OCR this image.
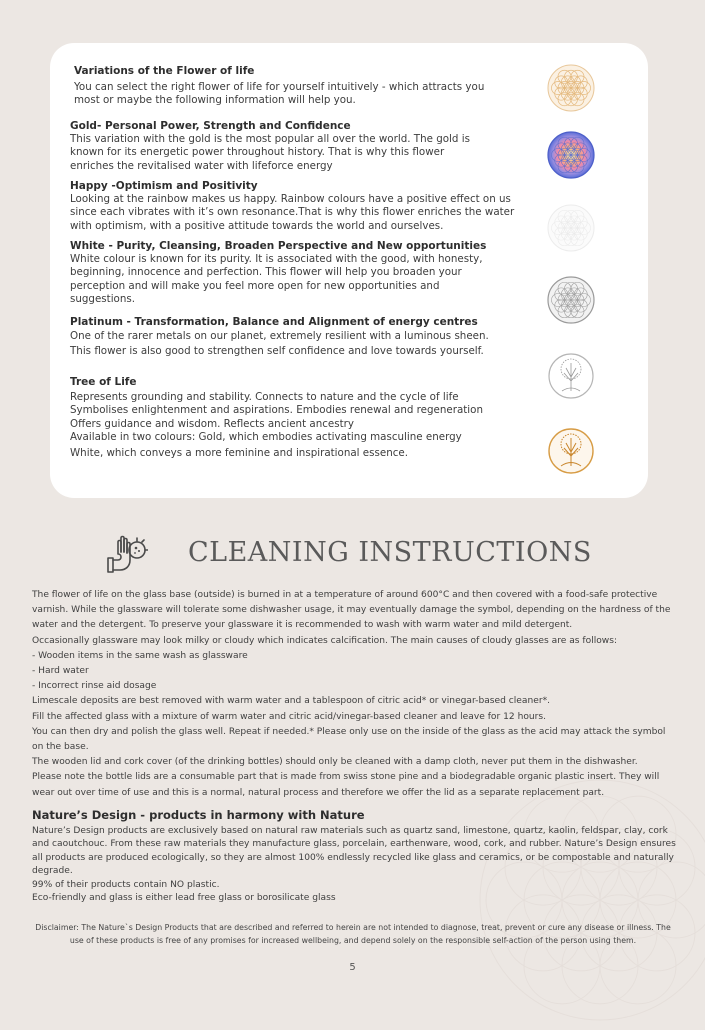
Variations of the Flower of life
You can select the right flower of life for yourself intuitively - which attracts you most or maybe the following information will help you.
Gold- Personal Power, Strength and Confidence
This variation with the gold is the most popular all over the world. The gold is known for its energetic power throughout history. That is why this flower enriches the revitalised water with lifeforce energy
Happy -Optimism and Positivity
Looking at the rainbow makes us happy. Rainbow colours have a positive effect on us since each vibrates with it’s own resonance.That is why this flower enriches the water with optimism, with a positive attitude towards the world and ourselves.
White - Purity, Cleansing, Broaden Perspective and New opportunities
White colour is known for its purity. It is associated with the good, with honesty, beginning, innocence and perfection. This flower will help you broaden your perception and will make you feel more open for new opportunities and suggestions.
Platinum - Transformation, Balance and Alignment of energy centres
One of the rarer metals on our planet, extremely resilient with a luminous sheen. This flower is also good to strengthen self confidence and love towards yourself.
Tree of Life
Represents grounding and stability. Connects to nature and the cycle of life
Symbolises enlightenment and aspirations. Embodies renewal and regeneration
Offers guidance and wisdom. Reflects ancient ancestry
Available in two colours: Gold, which embodies activating masculine energy
White, which conveys a more feminine and inspirational essence.
CLEANING INSTRUCTIONS
The flower of life on the glass base (outside) is burned in at a temperature of around 600°C and then covered with a food-safe protective varnish. While the glassware will tolerate some dishwasher usage, it may eventually damage the symbol, depending on the hardness of the water and the detergent. To preserve your glassware it is recommended to wash with warm water and mild detergent.
Occasionally glassware may look milky or cloudy which indicates calcification. The main causes of cloudy glasses are as follows:
- Wooden items in the same wash as glassware
- Hard water
- Incorrect rinse aid dosage
Limescale deposits are best removed with warm water and a tablespoon of citric acid* or vinegar-based cleaner*.
Fill the affected glass with a mixture of warm water and citric acid/vinegar-based cleaner and leave for 12 hours.
You can then dry and polish the glass well. Repeat if needed.* Please only use on the inside of the glass as the acid may attack the symbol on the base.
The wooden lid and cork cover (of the drinking bottles) should only be cleaned with a damp cloth, never put them in the dishwasher.
Please note the bottle lids are a consumable part that is made from swiss stone pine and a biodegradable organic plastic insert. They will wear out over time of use and this is a normal, natural process and therefore we offer the lid as a separate replacement part.
Nature’s Design - products in harmony with Nature
Nature’s Design products are exclusively based on natural raw materials such as quartz sand, limestone, quartz, kaolin, feldspar, clay, cork and caoutchouc. From these raw materials they manufacture glass, porcelain, earthenware, wood, cork, and rubber. Nature’s Design ensures all products are produced ecologically, so they are almost 100% endlessly recycled like glass and ceramics, or be compostable and naturally degrade.
99% of their products contain NO plastic.
Eco-friendly and glass is either lead free glass or borosilicate glass
Disclaimer: The Nature`s Design Products that are described and referred to herein are not intended to diagnose, treat, prevent or cure any disease or illness. The use of these products is free of any promises for increased wellbeing, and depend solely on the responsible self-action of the person using them.
5
